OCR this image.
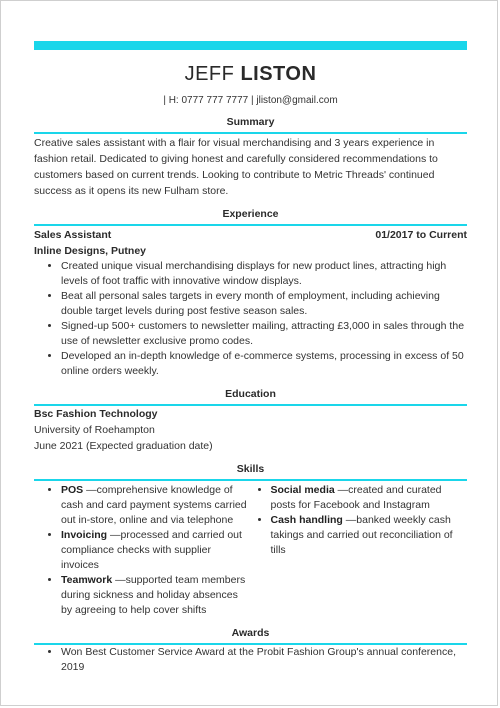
JEFF LISTON
| H: 0777 777 7777 | jliston@gmail.com
Summary
Creative sales assistant with a flair for visual merchandising and 3 years experience in fashion retail. Dedicated to giving honest and carefully considered recommendations to customers based on current trends. Looking to contribute to Metric Threads' continued success as it opens its new Fulham store.
Experience
Sales Assistant	01/2017 to Current
Inline Designs, Putney
• Created unique visual merchandising displays for new product lines, attracting high levels of foot traffic with innovative window displays.
• Beat all personal sales targets in every month of employment, including achieving double target levels during post festive season sales.
• Signed-up 500+ customers to newsletter mailing, attracting £3,000 in sales through the use of newsletter exclusive promo codes.
• Developed an in-depth knowledge of e-commerce systems, processing in excess of 50 online orders weekly.
Education
Bsc Fashion Technology
University of Roehampton
June 2021 (Expected graduation date)
Skills
• POS —comprehensive knowledge of cash and card payment systems carried out in-store, online and via telephone
• Invoicing —processed and carried out compliance checks with supplier invoices
• Teamwork —supported team members during sickness and holiday absences by agreeing to help cover shifts
• Social media —created and curated posts for Facebook and Instagram
• Cash handling —banked weekly cash takings and carried out reconciliation of tills
Awards
• Won Best Customer Service Award at the Probit Fashion Group's annual conference, 2019
